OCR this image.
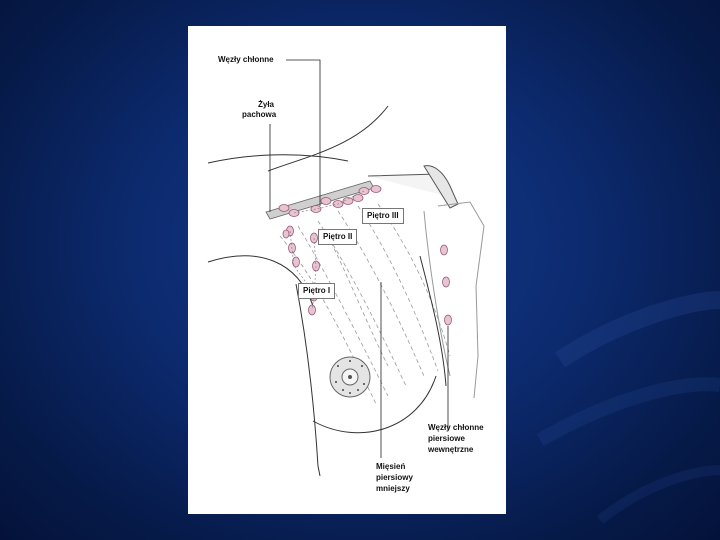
Węzły chłonne
Żyła
pachowa
Piętro III
Piętro II
Piętro I
Węzły chłonne
piersiowe
wewnętrzne
Mięsień
piersiowy
mniejszy
